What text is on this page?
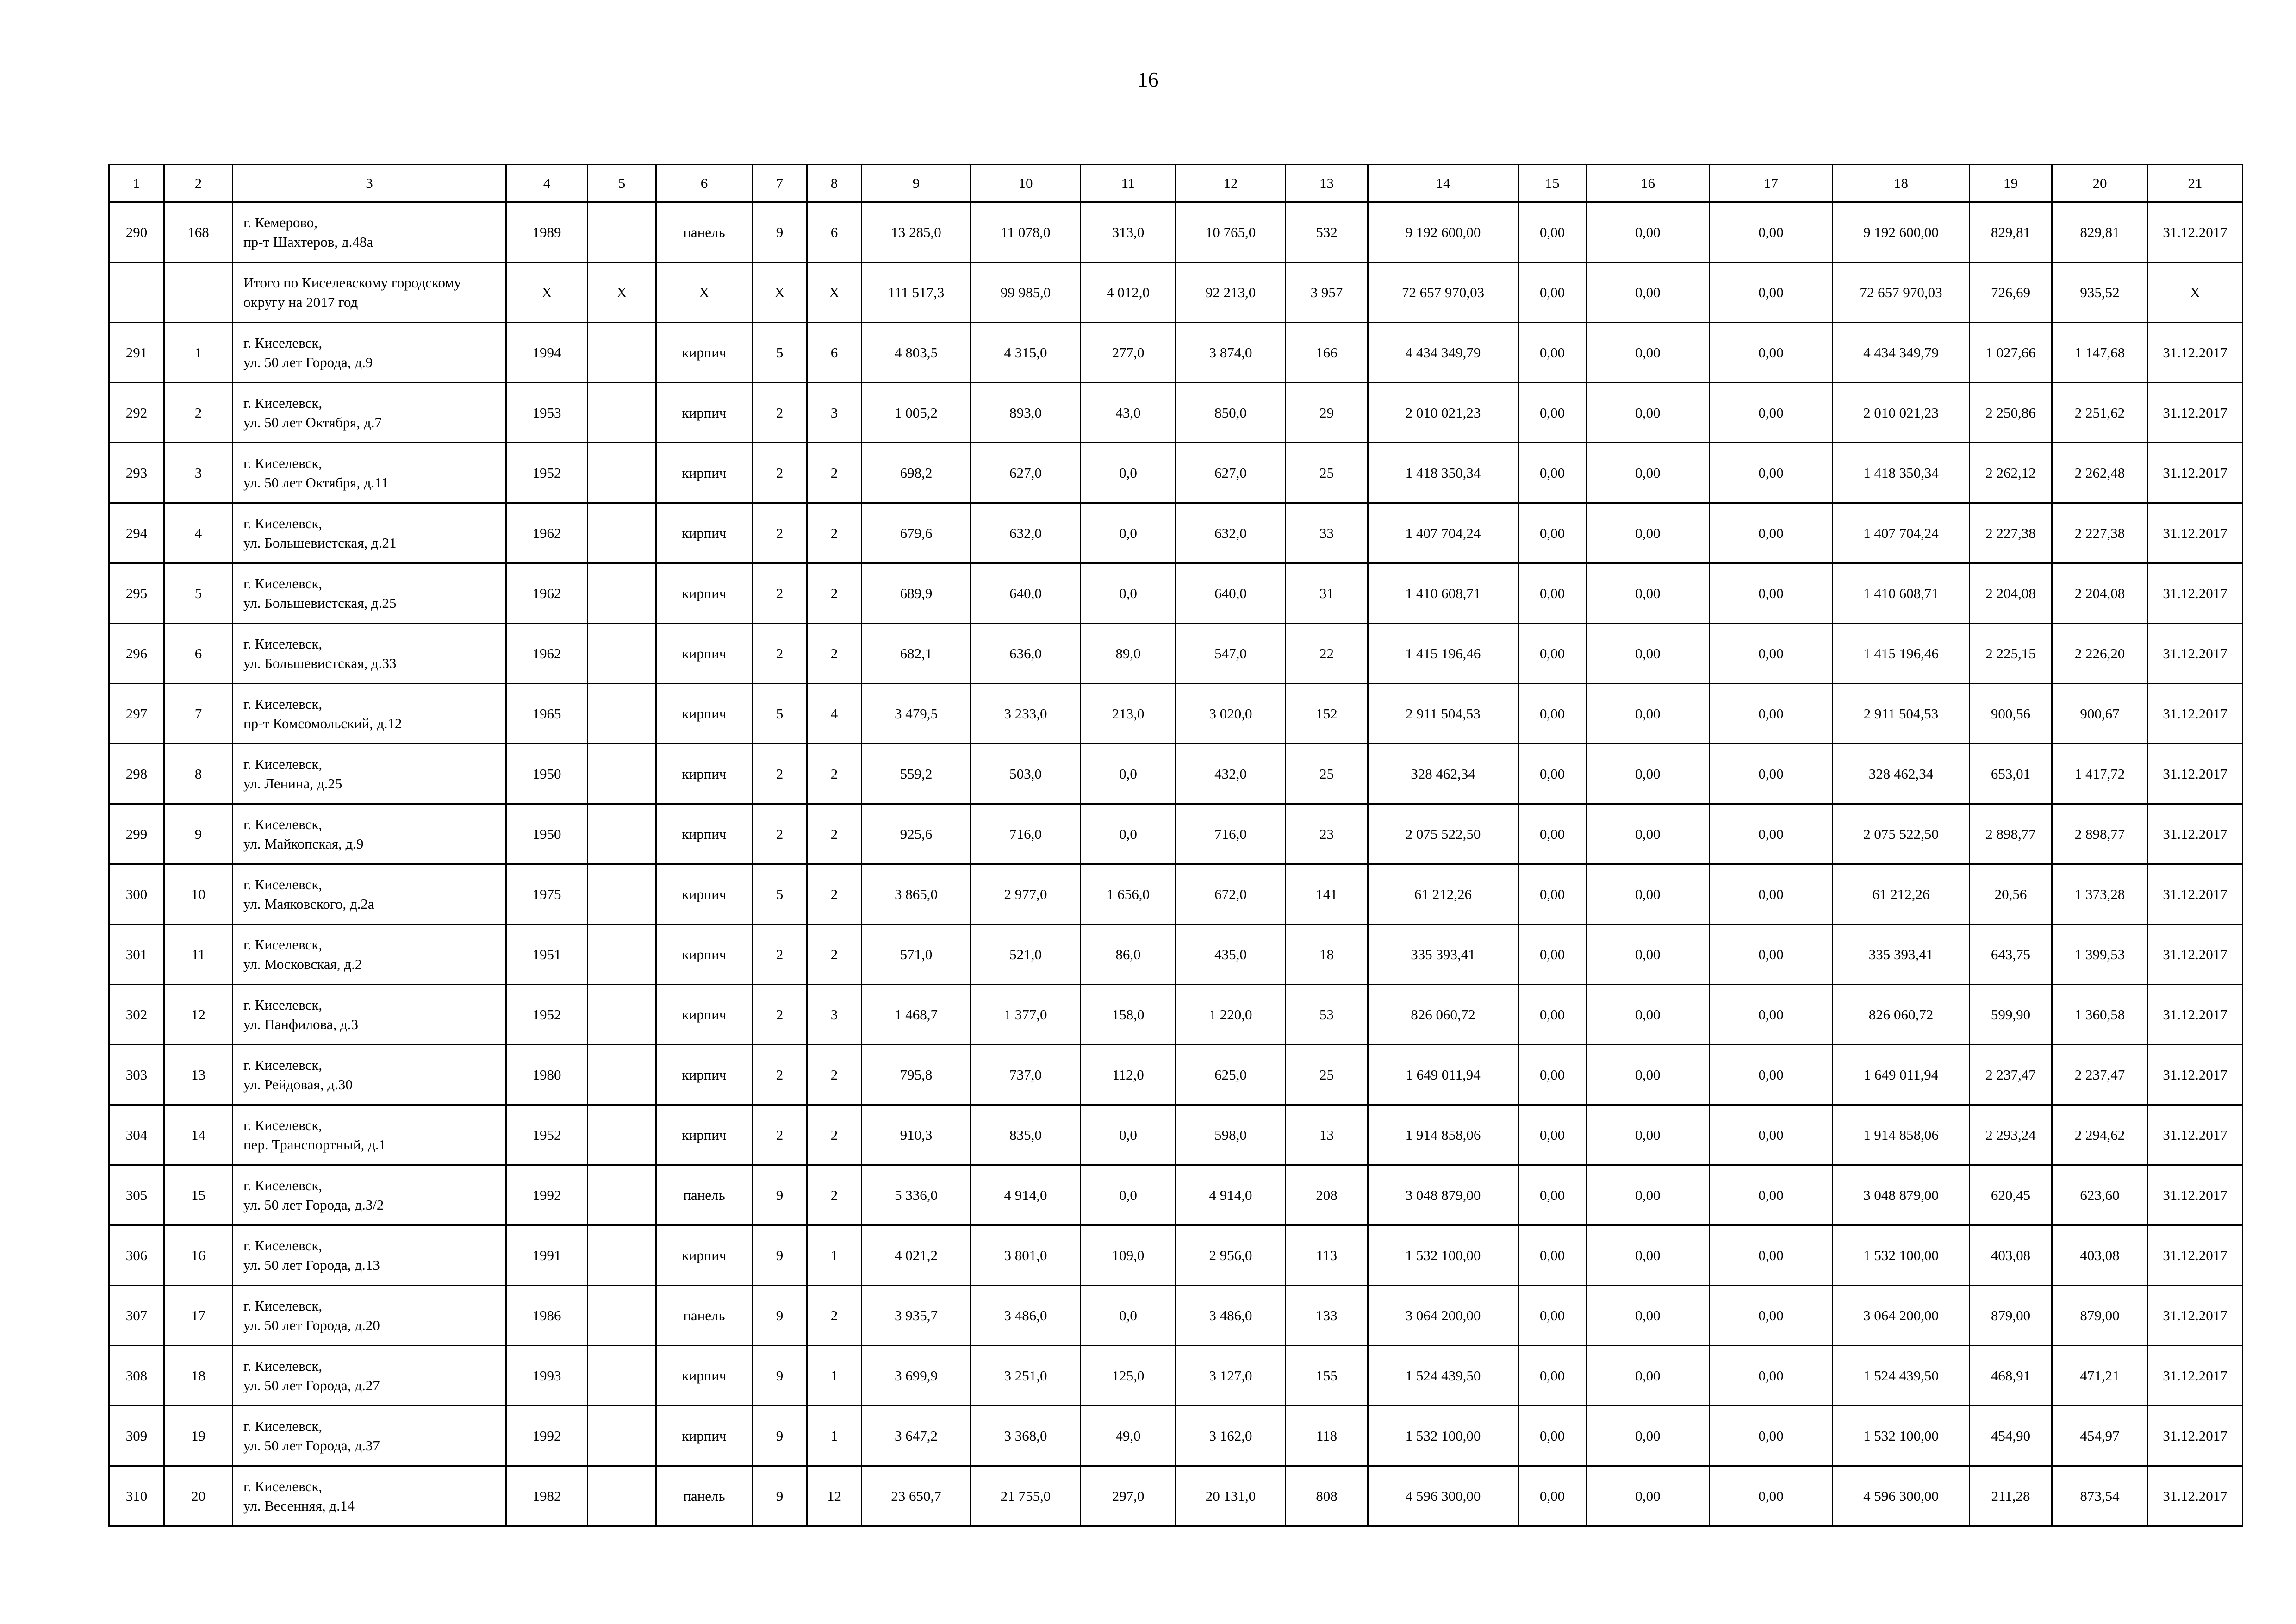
16
1	2	3	4	5	6	7	8	9	10	11	12	13	14	15	16	17	18	19	20	21
290	168	г. Кемерово,
пр-т Шахтеров, д.48а	1989		панель	9	6	13 285,0	11 078,0	313,0	10 765,0	532	9 192 600,00	0,00	0,00	0,00	9 192 600,00	829,81	829,81	31.12.2017
		Итого по Киселевскому городскому
округу на 2017 год	X	X	X	X	X	111 517,3	99 985,0	4 012,0	92 213,0	3 957	72 657 970,03	0,00	0,00	0,00	72 657 970,03	726,69	935,52	X
291	1	г. Киселевск,
ул. 50 лет Города, д.9	1994		кирпич	5	6	4 803,5	4 315,0	277,0	3 874,0	166	4 434 349,79	0,00	0,00	0,00	4 434 349,79	1 027,66	1 147,68	31.12.2017
292	2	г. Киселевск,
ул. 50 лет Октября, д.7	1953		кирпич	2	3	1 005,2	893,0	43,0	850,0	29	2 010 021,23	0,00	0,00	0,00	2 010 021,23	2 250,86	2 251,62	31.12.2017
293	3	г. Киселевск,
ул. 50 лет Октября, д.11	1952		кирпич	2	2	698,2	627,0	0,0	627,0	25	1 418 350,34	0,00	0,00	0,00	1 418 350,34	2 262,12	2 262,48	31.12.2017
294	4	г. Киселевск,
ул. Большевистская, д.21	1962		кирпич	2	2	679,6	632,0	0,0	632,0	33	1 407 704,24	0,00	0,00	0,00	1 407 704,24	2 227,38	2 227,38	31.12.2017
295	5	г. Киселевск,
ул. Большевистская, д.25	1962		кирпич	2	2	689,9	640,0	0,0	640,0	31	1 410 608,71	0,00	0,00	0,00	1 410 608,71	2 204,08	2 204,08	31.12.2017
296	6	г. Киселевск,
ул. Большевистская, д.33	1962		кирпич	2	2	682,1	636,0	89,0	547,0	22	1 415 196,46	0,00	0,00	0,00	1 415 196,46	2 225,15	2 226,20	31.12.2017
297	7	г. Киселевск,
пр-т Комсомольский, д.12	1965		кирпич	5	4	3 479,5	3 233,0	213,0	3 020,0	152	2 911 504,53	0,00	0,00	0,00	2 911 504,53	900,56	900,67	31.12.2017
298	8	г. Киселевск,
ул. Ленина, д.25	1950		кирпич	2	2	559,2	503,0	0,0	432,0	25	328 462,34	0,00	0,00	0,00	328 462,34	653,01	1 417,72	31.12.2017
299	9	г. Киселевск,
ул. Майкопская, д.9	1950		кирпич	2	2	925,6	716,0	0,0	716,0	23	2 075 522,50	0,00	0,00	0,00	2 075 522,50	2 898,77	2 898,77	31.12.2017
300	10	г. Киселевск,
ул. Маяковского, д.2а	1975		кирпич	5	2	3 865,0	2 977,0	1 656,0	672,0	141	61 212,26	0,00	0,00	0,00	61 212,26	20,56	1 373,28	31.12.2017
301	11	г. Киселевск,
ул. Московская, д.2	1951		кирпич	2	2	571,0	521,0	86,0	435,0	18	335 393,41	0,00	0,00	0,00	335 393,41	643,75	1 399,53	31.12.2017
302	12	г. Киселевск,
ул. Панфилова, д.3	1952		кирпич	2	3	1 468,7	1 377,0	158,0	1 220,0	53	826 060,72	0,00	0,00	0,00	826 060,72	599,90	1 360,58	31.12.2017
303	13	г. Киселевск,
ул. Рейдовая, д.30	1980		кирпич	2	2	795,8	737,0	112,0	625,0	25	1 649 011,94	0,00	0,00	0,00	1 649 011,94	2 237,47	2 237,47	31.12.2017
304	14	г. Киселевск,
пер. Транспортный, д.1	1952		кирпич	2	2	910,3	835,0	0,0	598,0	13	1 914 858,06	0,00	0,00	0,00	1 914 858,06	2 293,24	2 294,62	31.12.2017
305	15	г. Киселевск,
ул. 50 лет Города, д.3/2	1992		панель	9	2	5 336,0	4 914,0	0,0	4 914,0	208	3 048 879,00	0,00	0,00	0,00	3 048 879,00	620,45	623,60	31.12.2017
306	16	г. Киселевск,
ул. 50 лет Города, д.13	1991		кирпич	9	1	4 021,2	3 801,0	109,0	2 956,0	113	1 532 100,00	0,00	0,00	0,00	1 532 100,00	403,08	403,08	31.12.2017
307	17	г. Киселевск,
ул. 50 лет Города, д.20	1986		панель	9	2	3 935,7	3 486,0	0,0	3 486,0	133	3 064 200,00	0,00	0,00	0,00	3 064 200,00	879,00	879,00	31.12.2017
308	18	г. Киселевск,
ул. 50 лет Города, д.27	1993		кирпич	9	1	3 699,9	3 251,0	125,0	3 127,0	155	1 524 439,50	0,00	0,00	0,00	1 524 439,50	468,91	471,21	31.12.2017
309	19	г. Киселевск,
ул. 50 лет Города, д.37	1992		кирпич	9	1	3 647,2	3 368,0	49,0	3 162,0	118	1 532 100,00	0,00	0,00	0,00	1 532 100,00	454,90	454,97	31.12.2017
310	20	г. Киселевск,
ул. Весенняя, д.14	1982		панель	9	12	23 650,7	21 755,0	297,0	20 131,0	808	4 596 300,00	0,00	0,00	0,00	4 596 300,00	211,28	873,54	31.12.2017
